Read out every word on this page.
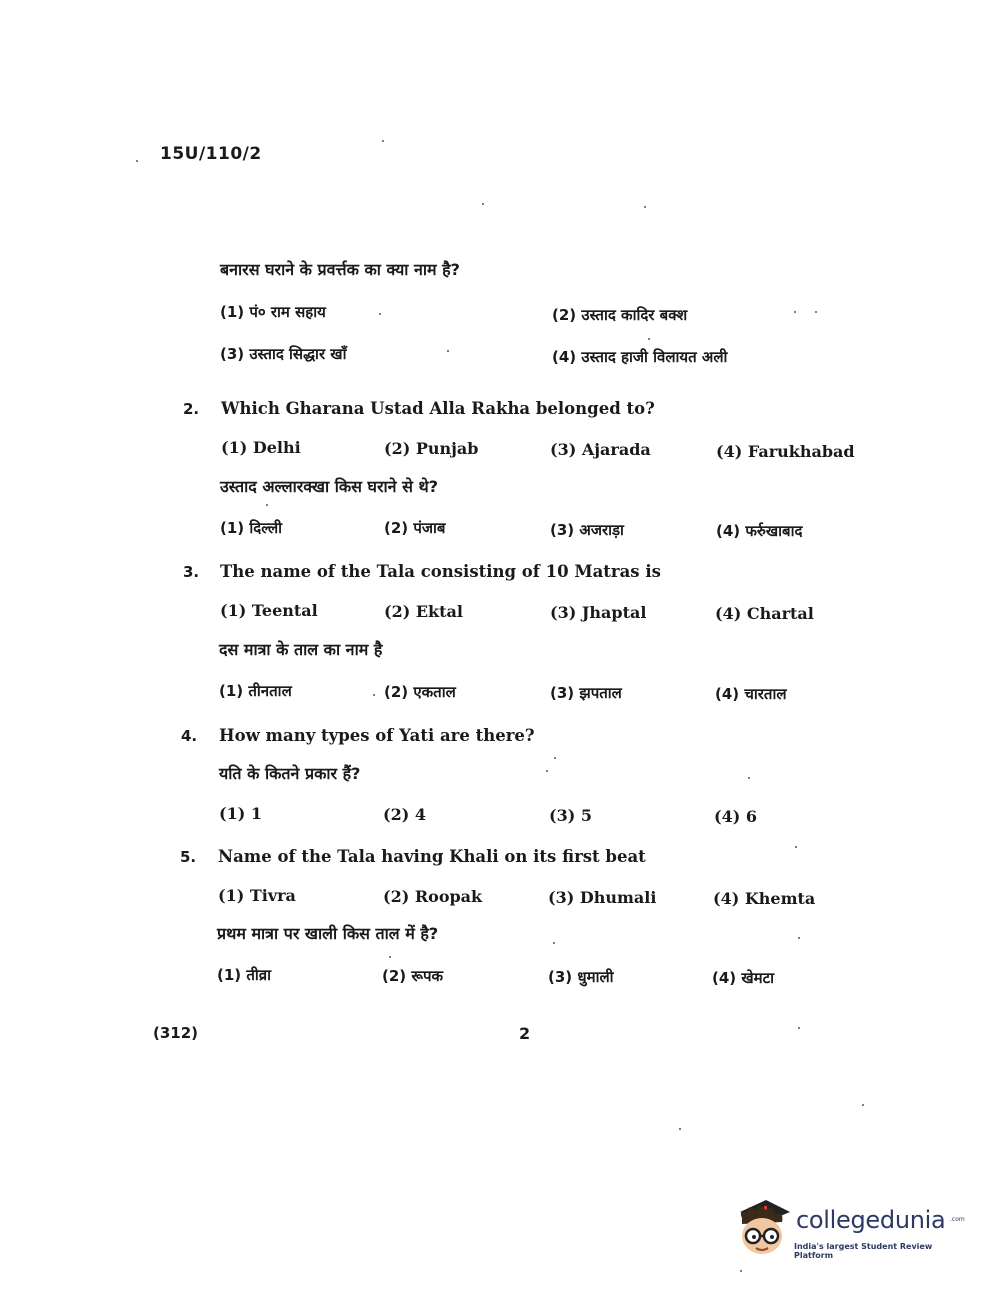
15U/110/2
बनारस घराने के प्रवर्त्तक का क्या नाम है?
(1) पं० राम सहाय	(2) उस्ताद कादिर बक्श
(3) उस्ताद सिद्धार खाँ	(4) उस्ताद हाजी विलायत अली
2. Which Gharana Ustad Alla Rakha belonged to?
(1) Delhi	(2) Punjab	(3) Ajarada	(4) Farukhabad
उस्ताद अल्लारक्खा किस घराने से थे?
(1) दिल्ली	(2) पंजाब	(3) अजराड़ा	(4) फर्रुखाबाद
3. The name of the Tala consisting of 10 Matras is
(1) Teental	(2) Ektal	(3) Jhaptal	(4) Chartal
दस मात्रा के ताल का नाम है
(1) तीनताल	(2) एकताल	(3) झपताल	(4) चारताल
4. How many types of Yati are there?
यति के कितने प्रकार हैं?
(1) 1	(2) 4	(3) 5	(4) 6
5. Name of the Tala having Khali on its first beat
(1) Tivra	(2) Roopak	(3) Dhumali	(4) Khemta
प्रथम मात्रा पर खाली किस ताल में है?
(1) तीव्रा	(2) रूपक	(3) धुमाली	(4) खेमटा
(312)	2
collegedunia .com
India's largest Student Review Platform
